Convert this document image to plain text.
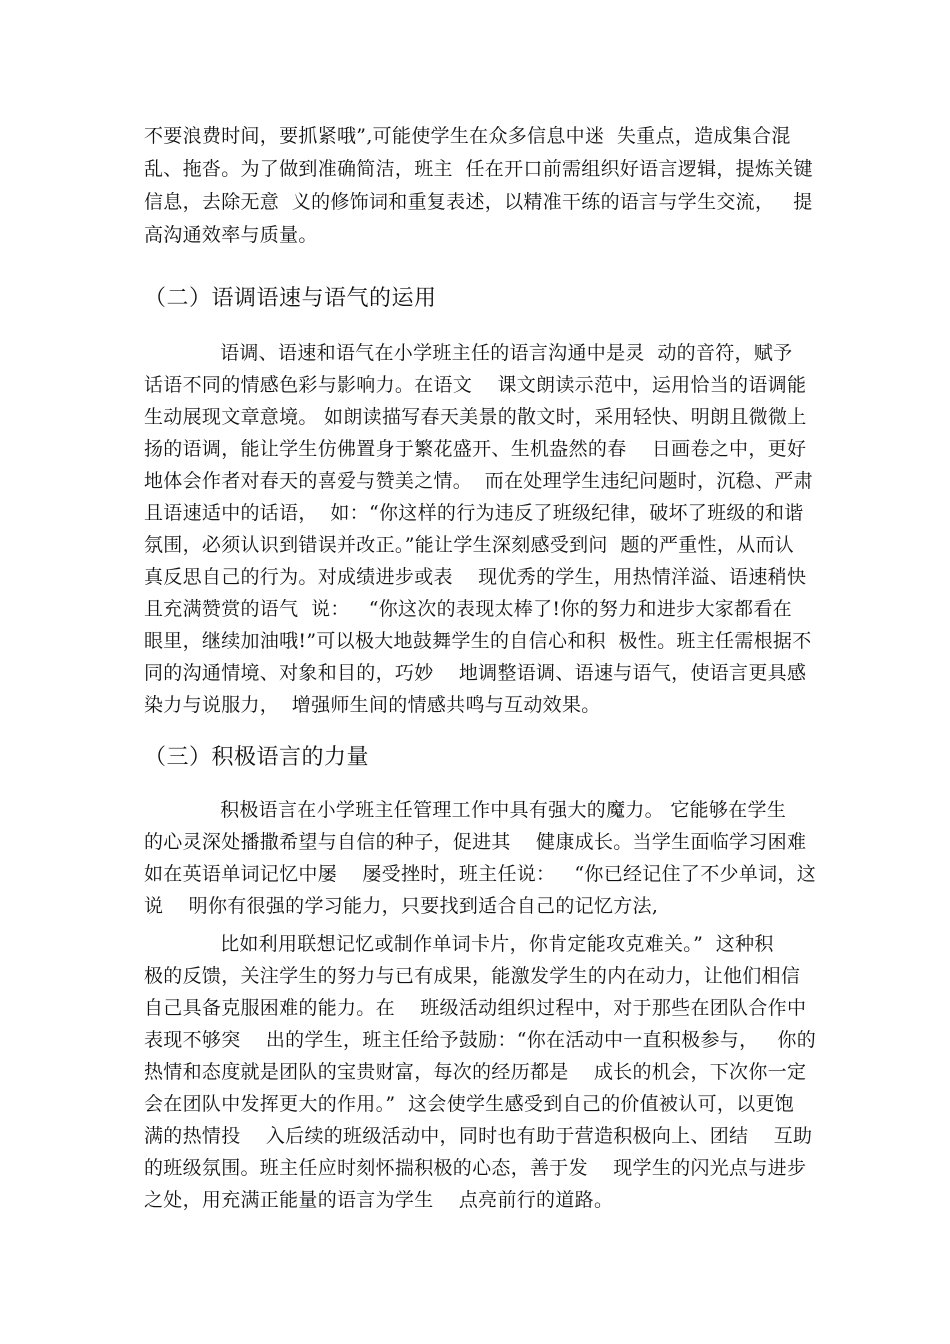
不要浪费时间，要抓紧哦”,可能使学生在众多信息中迷  失重点，造成集合混
乱、拖沓。为了做到准确简洁，班主  任在开口前需组织好语言逻辑，提炼关键
信息，去除无意  义的修饰词和重复表述，以精准干练的语言与学生交流，   提
高沟通效率与质量。
（二）语调语速与语气的运用
语调、语速和语气在小学班主任的语言沟通中是灵  动的音符，赋予
话语不同的情感色彩与影响力。在语文    课文朗读示范中，运用恰当的语调能
生动展现文章意境。 如朗读描写春天美景的散文时，采用轻快、明朗且微微上
扬的语调，能让学生仿佛置身于繁花盛开、生机盎然的春    日画卷之中，更好
地体会作者对春天的喜爱与赞美之情。  而在处理学生违纪问题时，沉稳、严肃
且语速适中的话语，  如：“你这样的行为违反了班级纪律，破坏了班级的和谐
氛围，必须认识到错误并改正。”能让学生深刻感受到问  题的严重性，从而认
真反思自己的行为。对成绩进步或表    现优秀的学生，用热情洋溢、语速稍快
且充满赞赏的语气  说：   “你这次的表现太棒了!你的努力和进步大家都看在
眼里，继续加油哦!”可以极大地鼓舞学生的自信心和积  极性。班主任需根据不
同的沟通情境、对象和目的，巧妙    地调整语调、语速与语气，使语言更具感
染力与说服力，  增强师生间的情感共鸣与互动效果。
（三）积极语言的力量
积极语言在小学班主任管理工作中具有强大的魔力。 它能够在学生
的心灵深处播撒希望与自信的种子，促进其    健康成长。当学生面临学习困难
如在英语单词记忆中屡    屡受挫时，班主任说：   “你已经记住了不少单词，这
说    明你有很强的学习能力，只要找到适合自己的记忆方法,
比如利用联想记忆或制作单词卡片，你肯定能攻克难关。”  这种积
极的反馈，关注学生的努力与已有成果，能激发学生的内在动力，让他们相信
自己具备克服困难的能力。在    班级活动组织过程中，对于那些在团队合作中
表现不够突    出的学生，班主任给予鼓励：“你在活动中一直积极参与，   你的
热情和态度就是团队的宝贵财富，每次的经历都是    成长的机会，下次你一定
会在团队中发挥更大的作用。”  这会使学生感受到自己的价值被认可，以更饱
满的热情投    入后续的班级活动中，同时也有助于营造积极向上、团结    互助
的班级氛围。班主任应时刻怀揣积极的心态，善于发    现学生的闪光点与进步
之处，用充满正能量的语言为学生    点亮前行的道路。
